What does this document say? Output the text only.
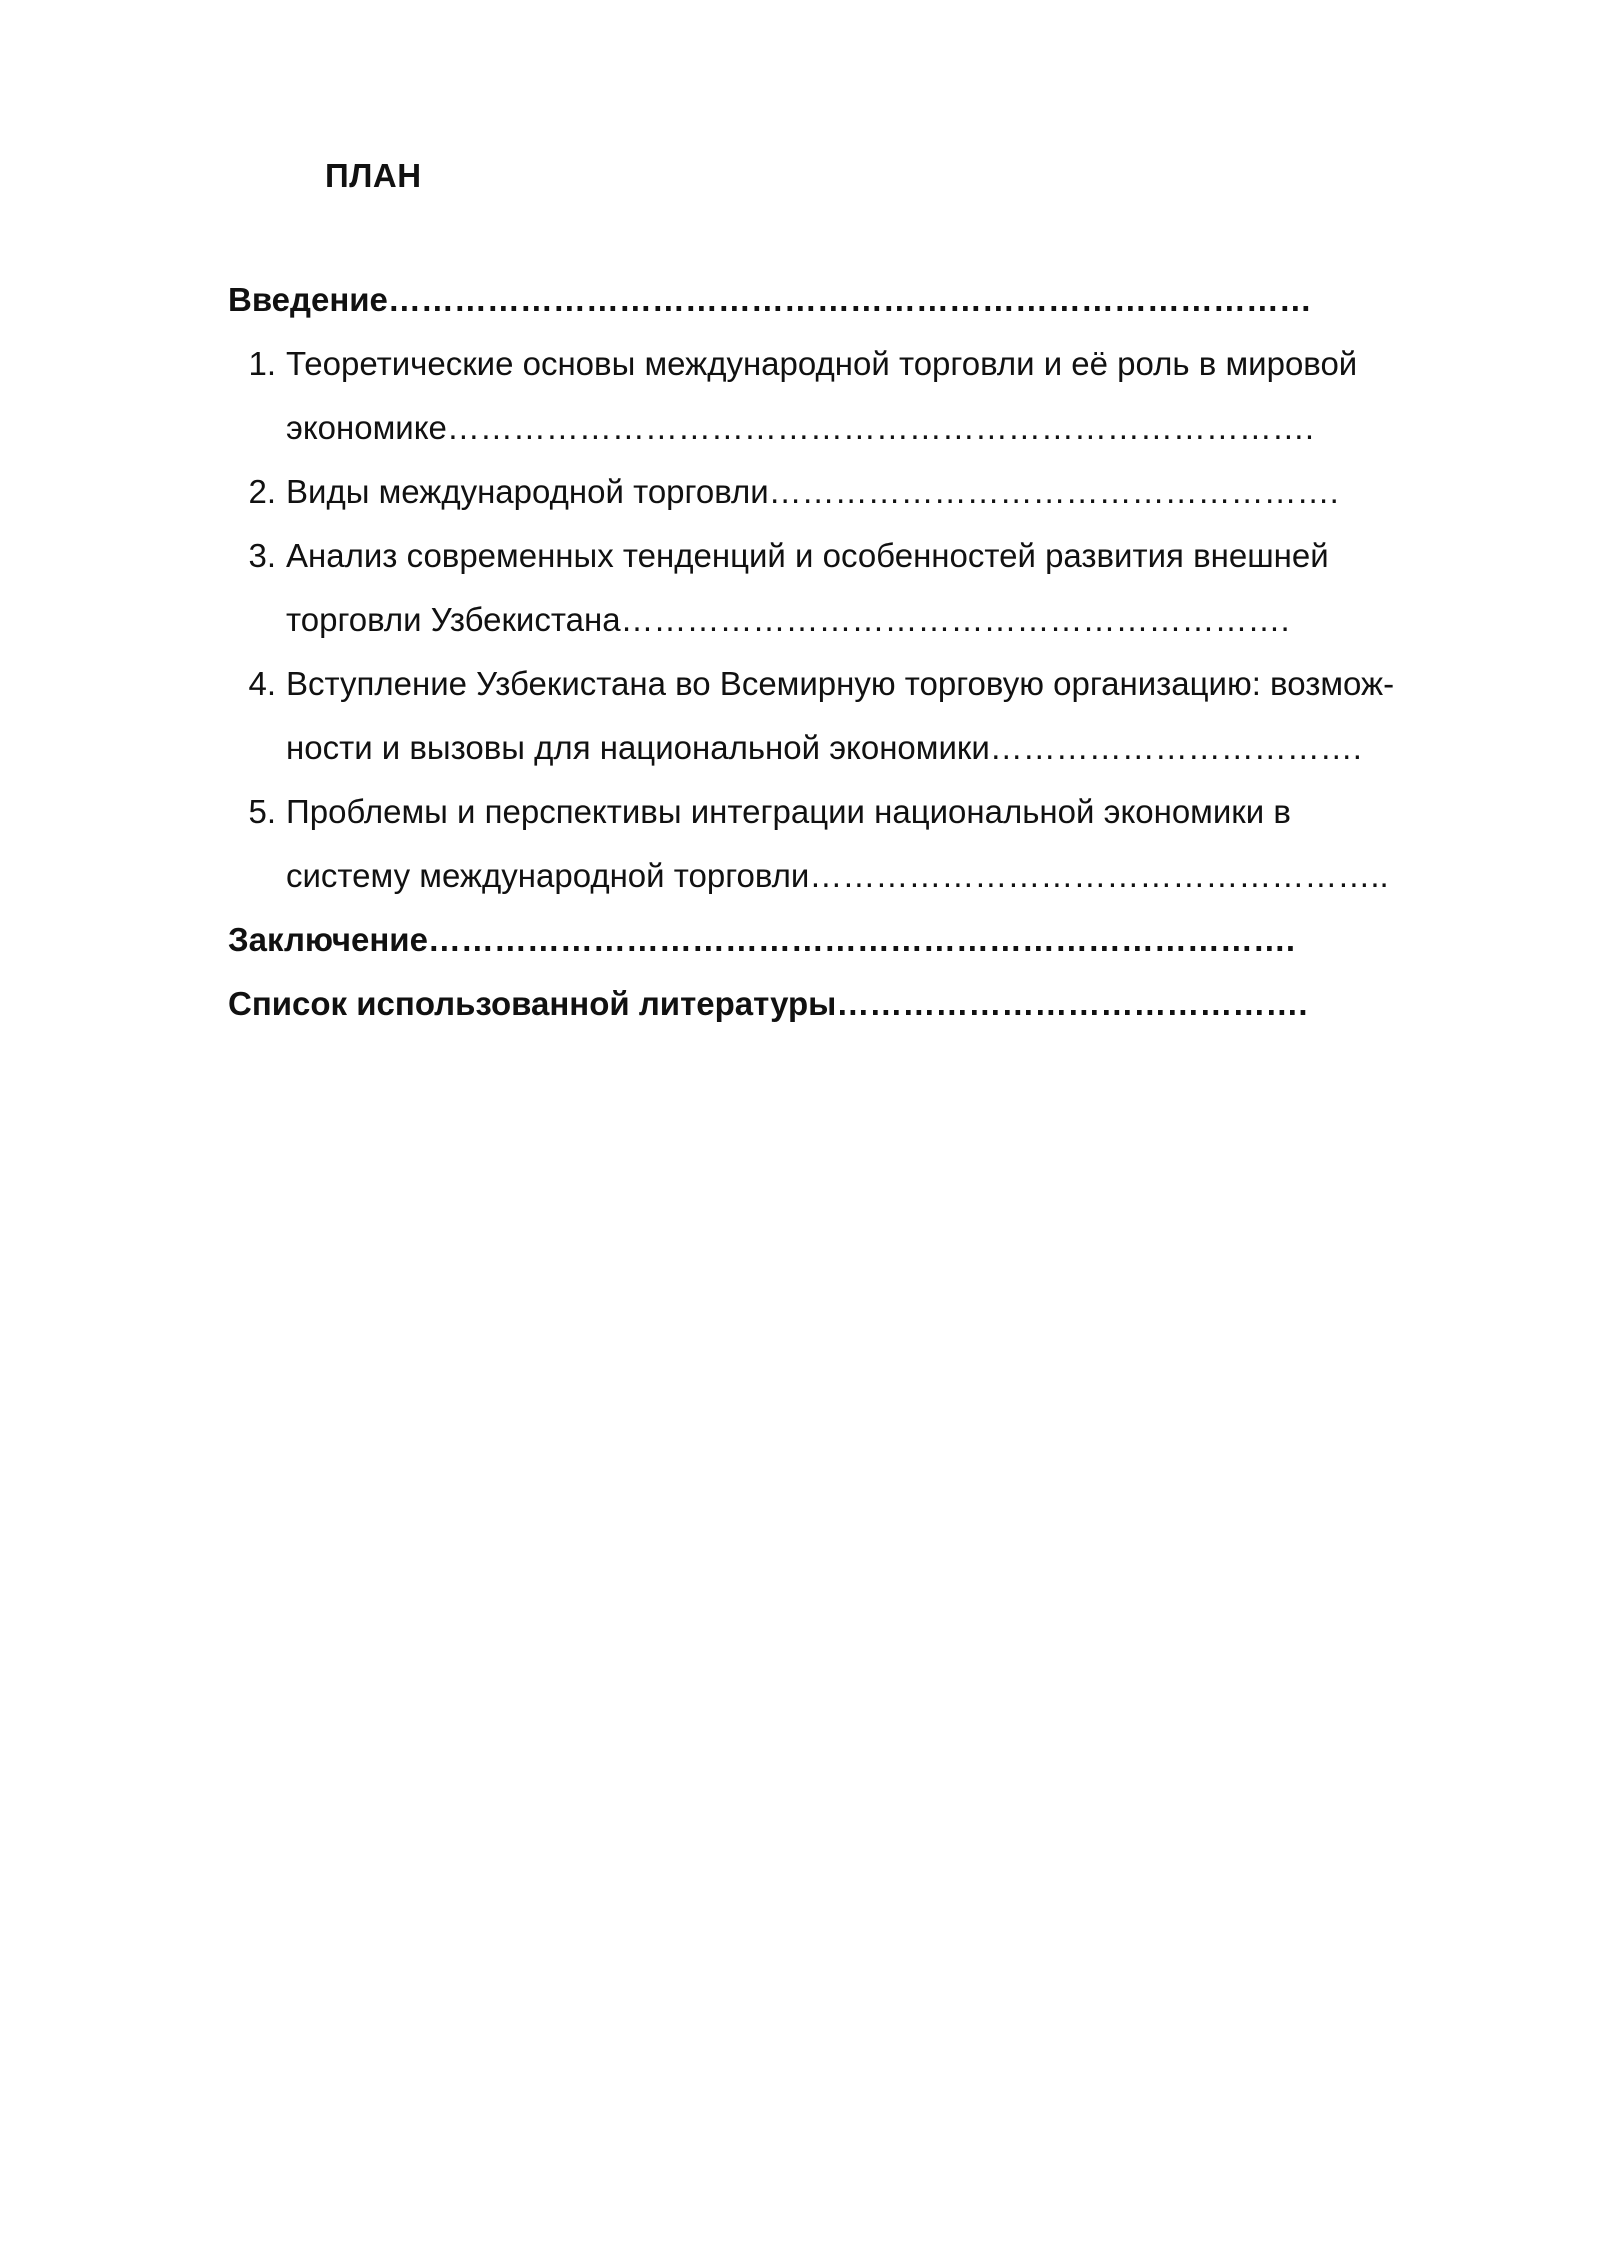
ПЛАН
Введение…………………………………………………………………………
1. Теоретические основы международной торговли и её роль в мировой
экономике…………………………………………………………………….
2. Виды международной торговли…………………………………………….
3. Анализ современных тенденций и особенностей развития внешней
торговли Узбекистана…………………………………………………….
4. Вступление Узбекистана во Всемирную торговую организацию: возмож-
ности и вызовы для национальной экономики…………………………….
5. Проблемы и перспективы интеграции национальной экономики в
систему международной торговли……………………………………………..
Заключение…………………………………………………………………….
Список использованной литературы…………………………………….
